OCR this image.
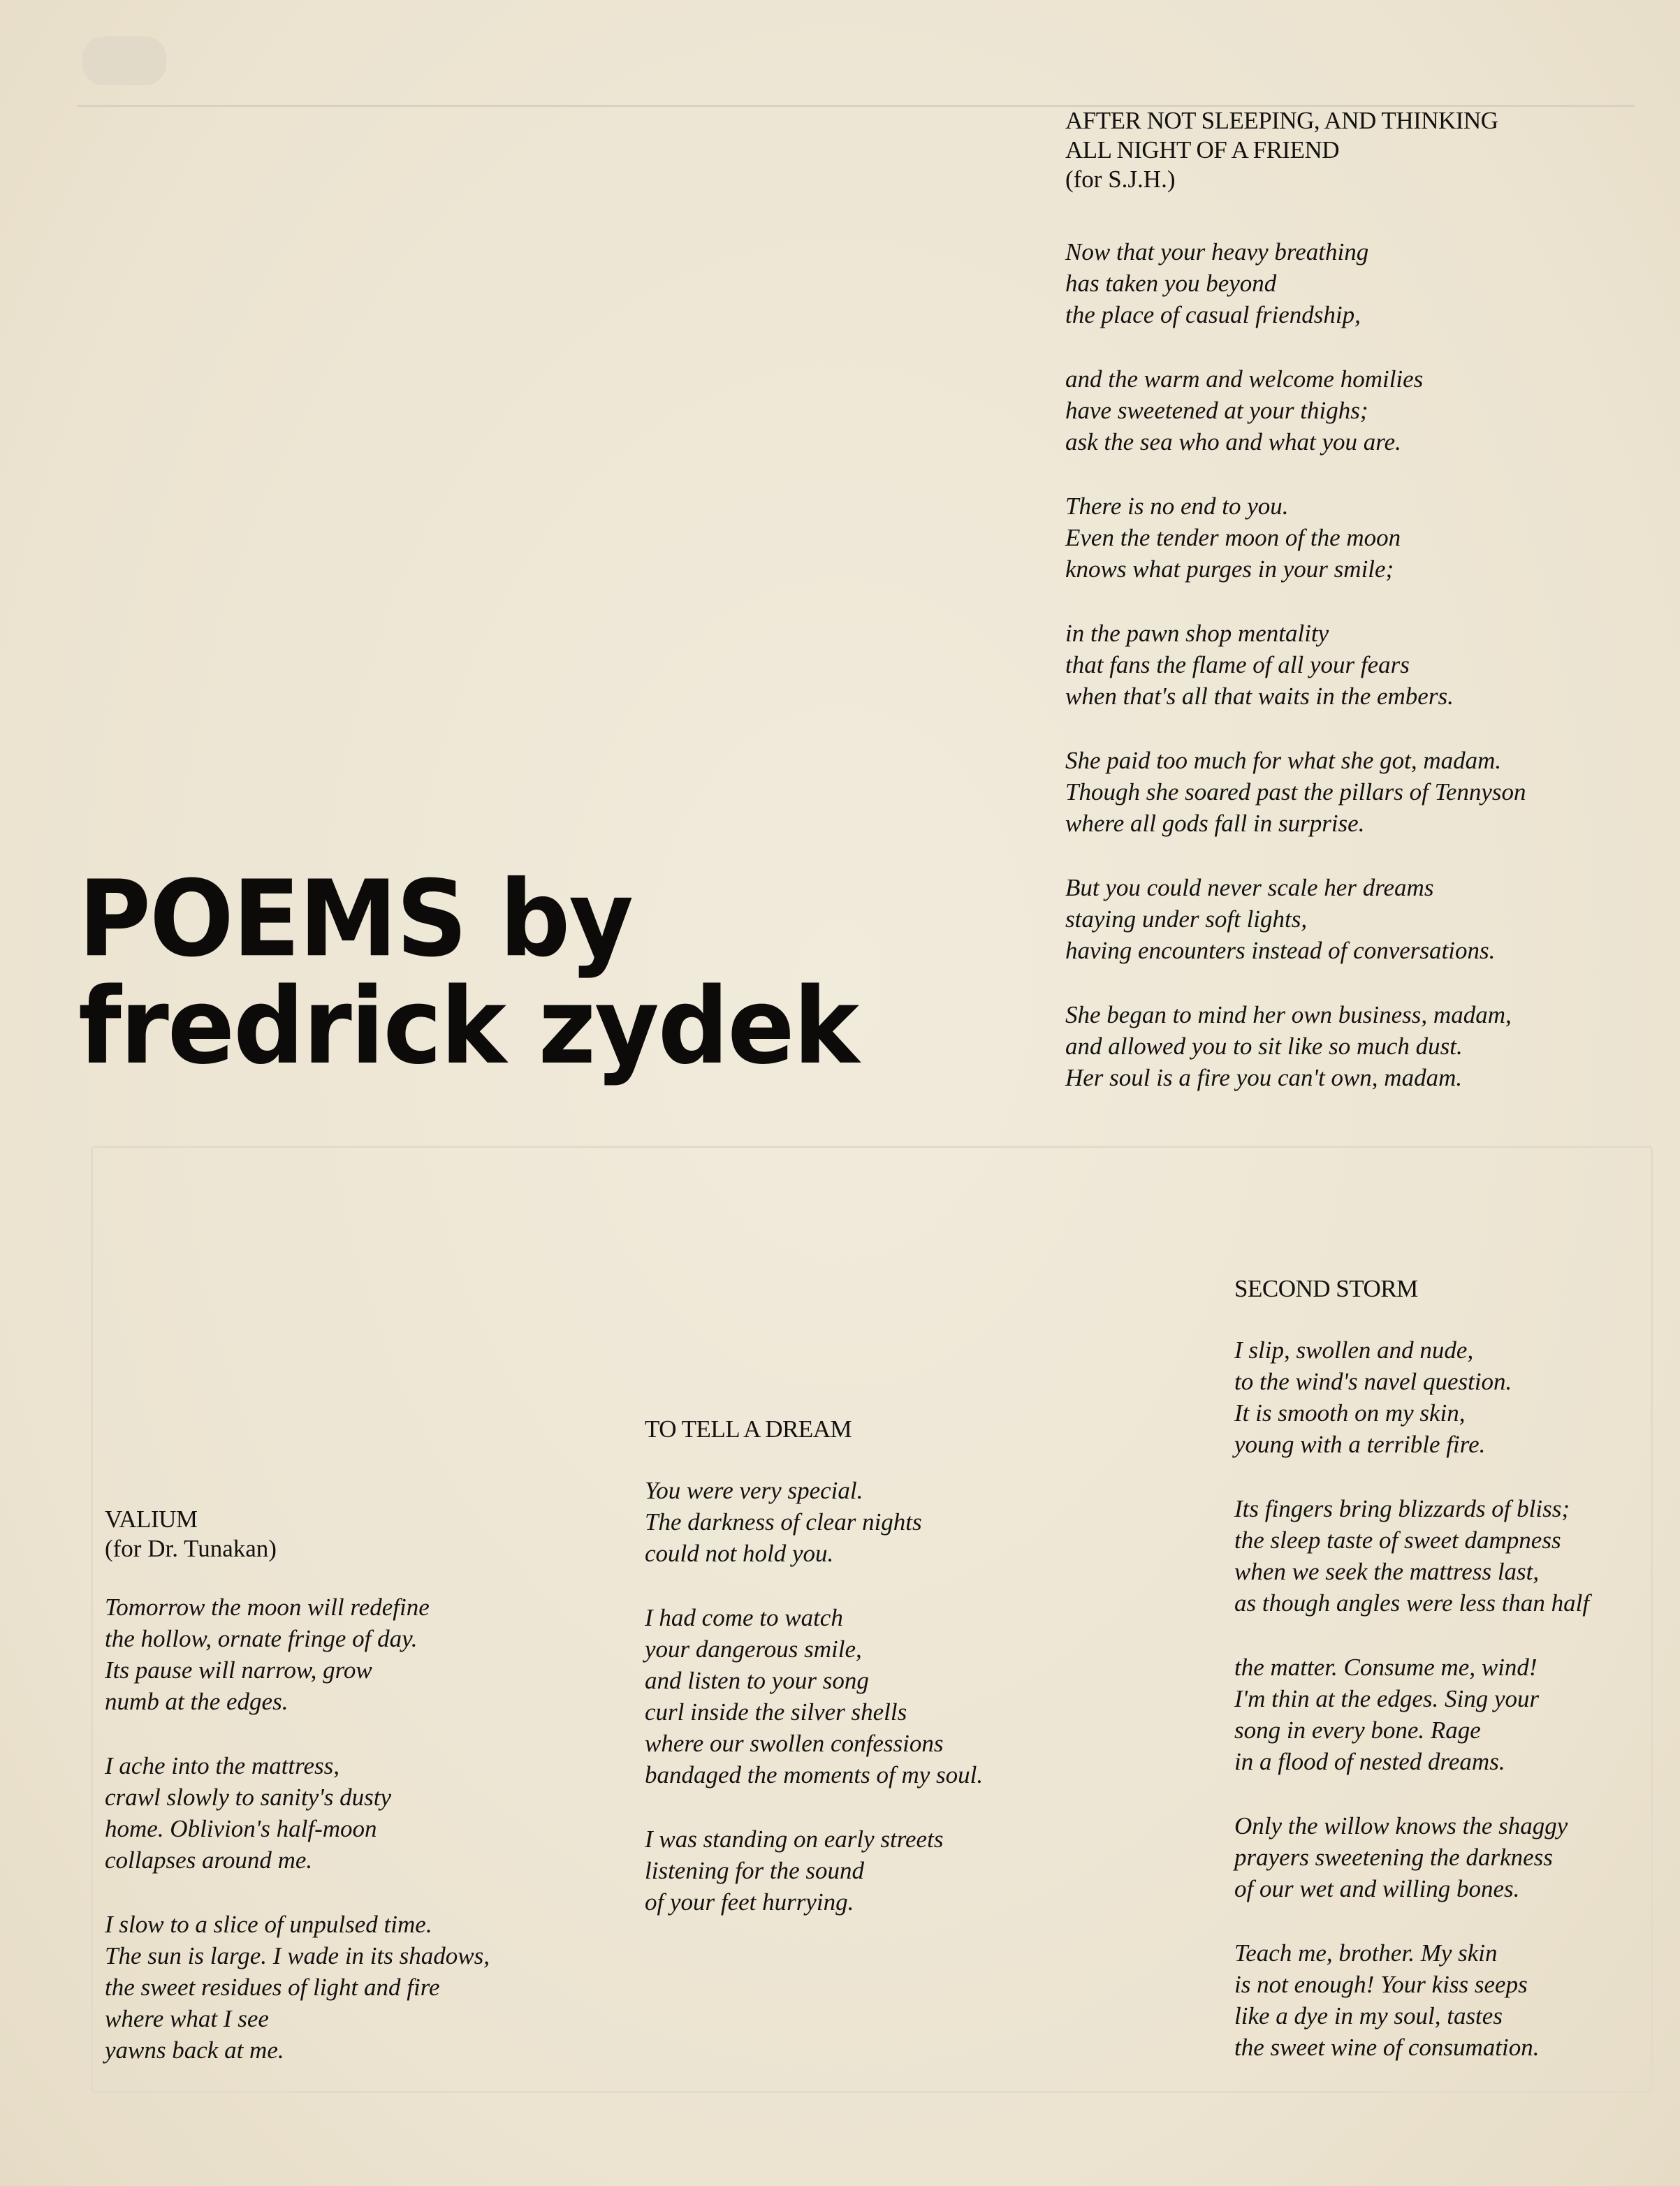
POEMS by
fredrick zydek
AFTER NOT SLEEPING, AND THINKING
ALL NIGHT OF A FRIEND
(for S.J.H.)

Now that your heavy breathing
has taken you beyond
the place of casual friendship,

and the warm and welcome homilies
have sweetened at your thighs;
ask the sea who and what you are.

There is no end to you.
Even the tender moon of the moon
knows what purges in your smile;

in the pawn shop mentality
that fans the flame of all your fears
when that's all that waits in the embers.

She paid too much for what she got, madam.
Though she soared past the pillars of Tennyson
where all gods fall in surprise.

But you could never scale her dreams
staying under soft lights,
having encounters instead of conversations.

She began to mind her own business, madam,
and allowed you to sit like so much dust.
Her soul is a fire you can't own, madam.

SECOND STORM

I slip, swollen and nude,
to the wind's navel question.
It is smooth on my skin,
young with a terrible fire.

Its fingers bring blizzards of bliss;
the sleep taste of sweet dampness
when we seek the mattress last,
as though angles were less than half

the matter. Consume me, wind!
I'm thin at the edges. Sing your
song in every bone. Rage
in a flood of nested dreams.

Only the willow knows the shaggy
prayers sweetening the darkness
of our wet and willing bones.

Teach me, brother. My skin
is not enough! Your kiss seeps
like a dye in my soul, tastes
the sweet wine of consumation.

TO TELL A DREAM

You were very special.
The darkness of clear nights
could not hold you.

I had come to watch
your dangerous smile,
and listen to your song
curl inside the silver shells
where our swollen confessions
bandaged the moments of my soul.

I was standing on early streets
listening for the sound
of your feet hurrying.

VALIUM
(for Dr. Tunakan)

Tomorrow the moon will redefine
the hollow, ornate fringe of day.
Its pause will narrow, grow
numb at the edges.

I ache into the mattress,
crawl slowly to sanity's dusty
home. Oblivion's half-moon
collapses around me.

I slow to a slice of unpulsed time.
The sun is large. I wade in its shadows,
the sweet residues of light and fire
where what I see
yawns back at me.
